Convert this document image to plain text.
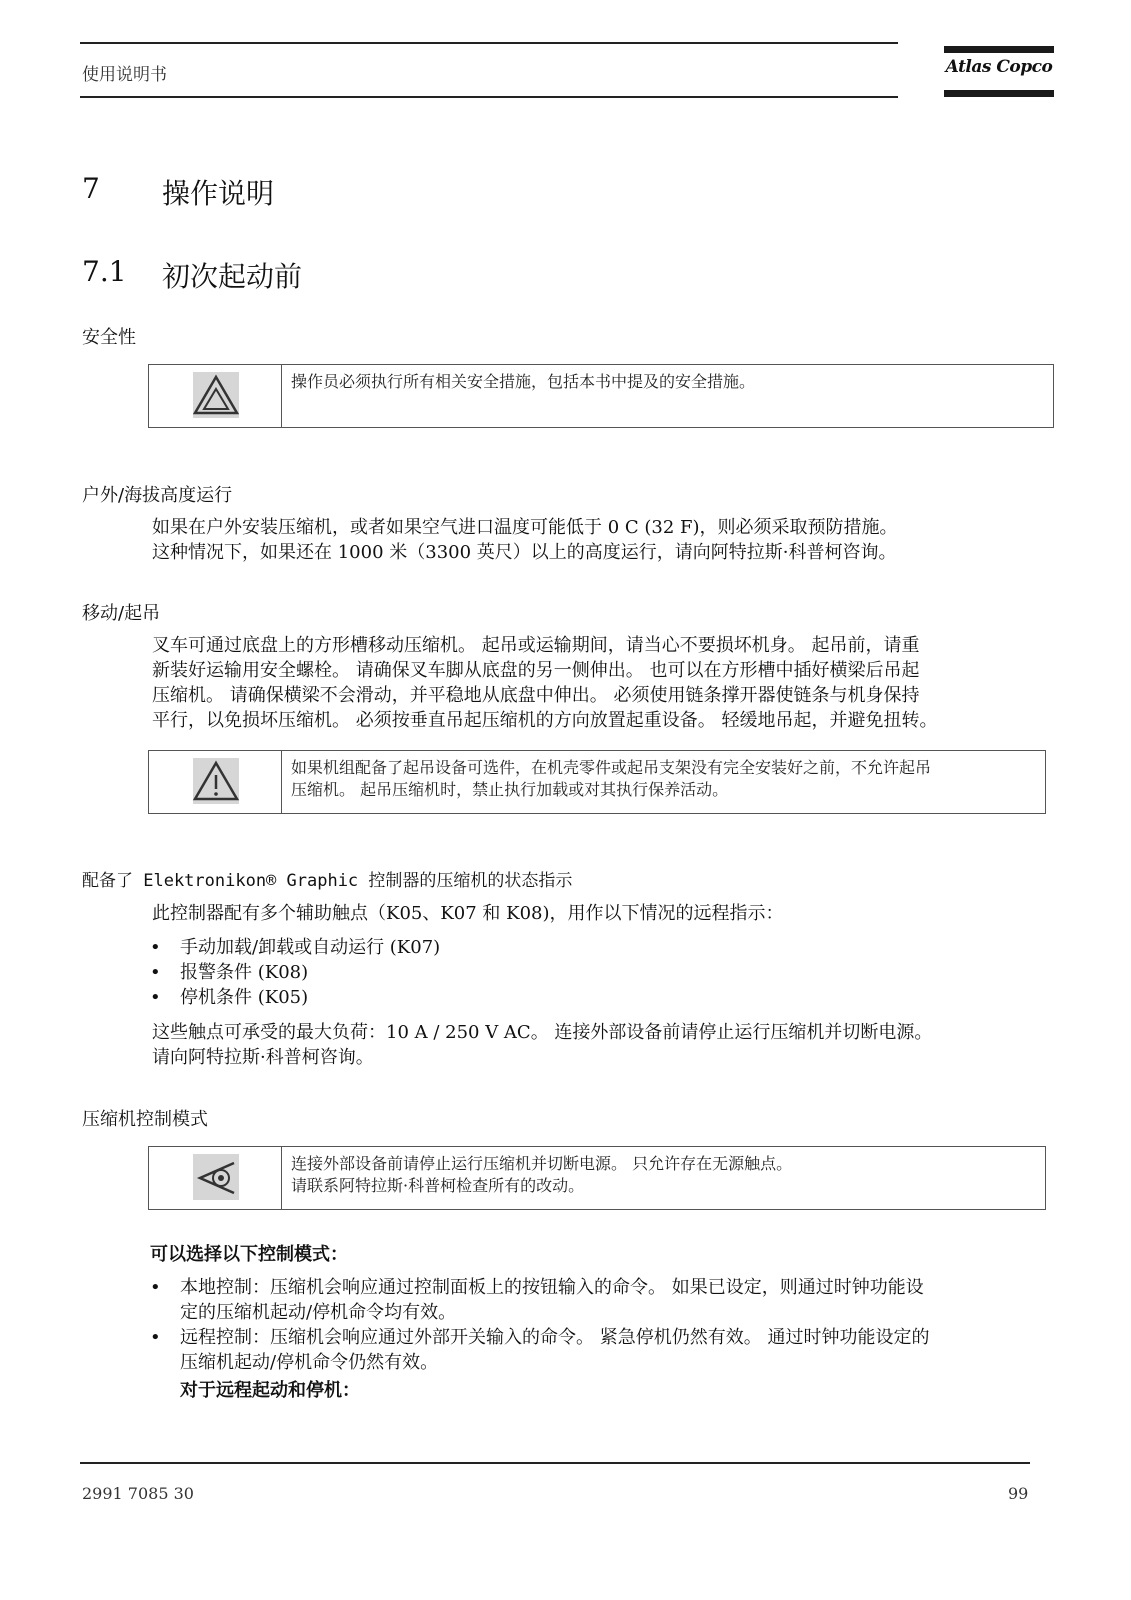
使用说明书	Atlas Copco
7 操作说明
7.1 初次起动前
安全性
操作员必须执行所有相关安全措施，包括本书中提及的安全措施。
户外/海拔高度运行
如果在户外安装压缩机，或者如果空气进口温度可能低于 0 C (32 F)，则必须采取预防措施。
这种情况下，如果还在 1000 米（3300 英尺）以上的高度运行，请向阿特拉斯·科普柯咨询。
移动/起吊
叉车可通过底盘上的方形槽移动压缩机。 起吊或运输期间，请当心不要损坏机身。 起吊前，请重
新装好运输用安全螺栓。 请确保叉车脚从底盘的另一侧伸出。 也可以在方形槽中插好横梁后吊起
压缩机。 请确保横梁不会滑动，并平稳地从底盘中伸出。 必须使用链条撑开器使链条与机身保持
平行，以免损坏压缩机。 必须按垂直吊起压缩机的方向放置起重设备。 轻缓地吊起，并避免扭转。
如果机组配备了起吊设备可选件，在机壳零件或起吊支架没有完全安装好之前，不允许起吊
压缩机。 起吊压缩机时，禁止执行加载或对其执行保养活动。
配备了 Elektronikon® Graphic 控制器的压缩机的状态指示
此控制器配有多个辅助触点（K05、K07 和 K08)，用作以下情况的远程指示：
• 手动加载/卸载或自动运行 (K07)
• 报警条件 (K08)
• 停机条件 (K05)
这些触点可承受的最大负荷：10 A / 250 V AC。 连接外部设备前请停止运行压缩机并切断电源。
请向阿特拉斯·科普柯咨询。
压缩机控制模式
连接外部设备前请停止运行压缩机并切断电源。 只允许存在无源触点。
请联系阿特拉斯·科普柯检查所有的改动。
可以选择以下控制模式：
• 本地控制：压缩机会响应通过控制面板上的按钮输入的命令。 如果已设定，则通过时钟功能设
定的压缩机起动/停机命令均有效。
• 远程控制：压缩机会响应通过外部开关输入的命令。 紧急停机仍然有效。 通过时钟功能设定的
压缩机起动/停机命令仍然有效。
对于远程起动和停机：
2991 7085 30	99
